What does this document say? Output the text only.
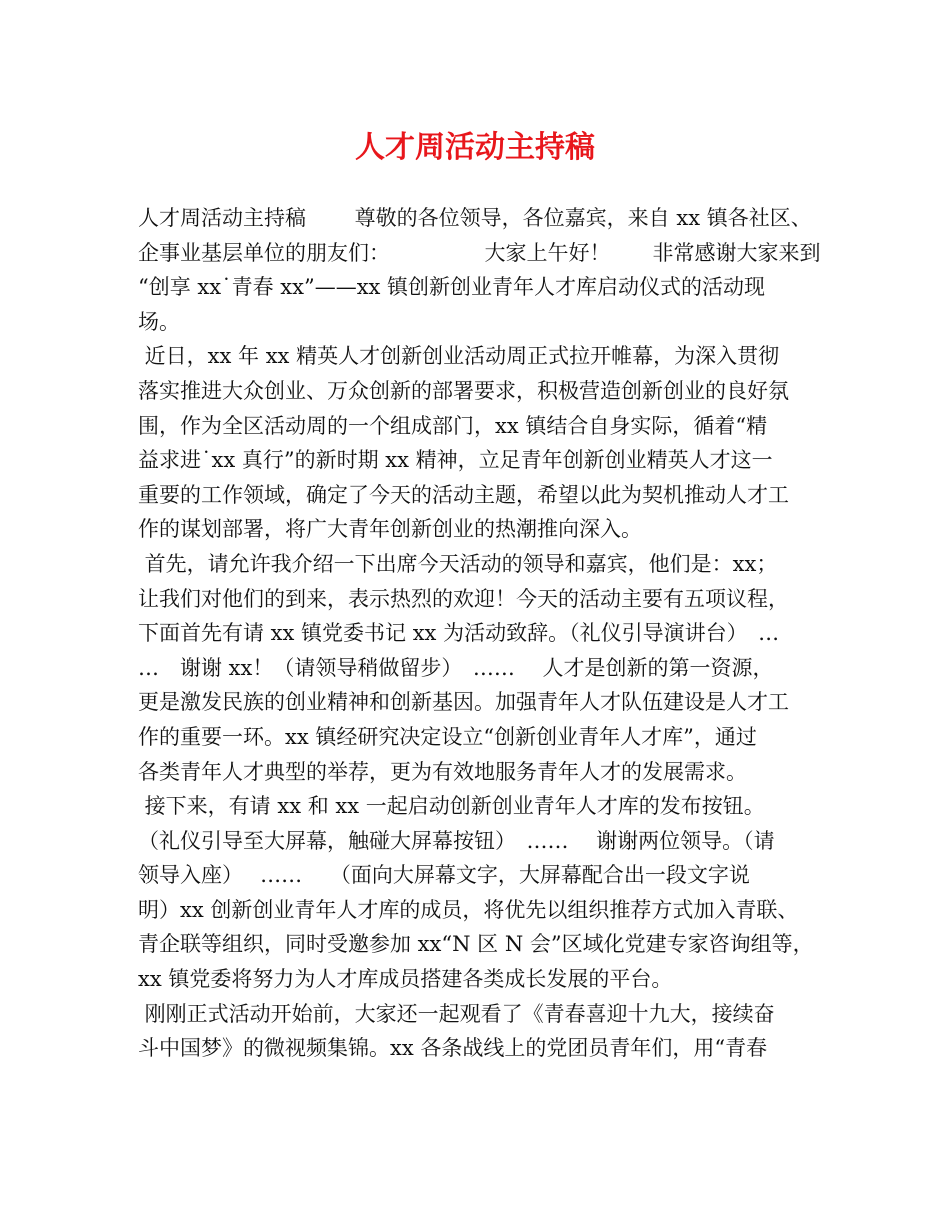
人才周活动主持稿
人才周活动主持稿　　 尊敬的各位领导，各位嘉宾，来自 xx 镇各社区、
企事业基层单位的朋友们：　　　　　大家上午好！　　非常感谢大家来到
“创享 xx˙青春 xx”——xx 镇创新创业青年人才库启动仪式的活动现
场。
近日，xx 年 xx 精英人才创新创业活动周正式拉开帷幕，为深入贯彻
落实推进大众创业、万众创新的部署要求，积极营造创新创业的良好氛
围，作为全区活动周的一个组成部门，xx 镇结合自身实际，循着“精
益求进˙xx 真行”的新时期 xx 精神，立足青年创新创业精英人才这一
重要的工作领域，确定了今天的活动主题，希望以此为契机推动人才工
作的谋划部署，将广大青年创新创业的热潮推向深入。
首先，请允许我介绍一下出席今天活动的领导和嘉宾，他们是：xx；
让我们对他们的到来，表示热烈的欢迎！今天的活动主要有五项议程，
下面首先有请 xx 镇党委书记 xx 为活动致辞。（礼仪引导演讲台）　…
…　谢谢 xx！（请领导稍做留步）　……　 人才是创新的第一资源，
更是激发民族的创业精神和创新基因。加强青年人才队伍建设是人才工
作的重要一环。xx 镇经研究决定设立“创新创业青年人才库”，通过
各类青年人才典型的举荐，更为有效地服务青年人才的发展需求。
接下来，有请 xx 和 xx 一起启动创新创业青年人才库的发布按钮。
（礼仪引导至大屏幕，触碰大屏幕按钮）　……　 谢谢两位领导。（请
领导入座）　 ……　 （面向大屏幕文字，大屏幕配合出一段文字说
明）xx 创新创业青年人才库的成员，将优先以组织推荐方式加入青联、
青企联等组织，同时受邀参加 xx“N 区 N 会”区域化党建专家咨询组等，
xx 镇党委将努力为人才库成员搭建各类成长发展的平台。
刚刚正式活动开始前，大家还一起观看了《青春喜迎十九大，接续奋
斗中国梦》的微视频集锦。xx 各条战线上的党团员青年们，用“青春
